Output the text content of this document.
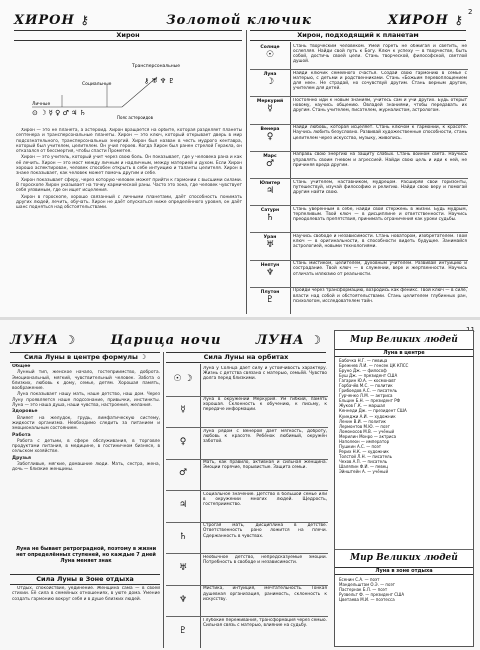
2
ХИРОН ⚷	Золотой ключик	ХИРОН ⚷
Хирон	Хирон, подходящий к планетам
Личные
Социальные
Трансперсональные
Пояс астероидов
⊙ ☽ ☿ ♀ ♂ ♃ ♄
⚷ ♅ ♆ ♇

Хирон — это не планета, а астероид. Хирон вращается на орбите, которая разделяет планеты септенера и трансперсональные планеты. Хирон — это ключ, который открывает дверь в мир подсознательного, трансперсональных энергий. Хирон был назван в честь мудрого кентавра, который был учителем, целителем. Он учил героев. Когда Хирон был ранен стрелой Геракла, он отказался от бессмертия, чтобы спасти Прометея.

Хирон — это учитель, который учит через свою боль. Он показывает, где у человека рана и как её лечить. Хирон — это мост между личным и надличным, между материей и духом. Если Хирон хорошо аспектирован, человек способен открыть в себе интуицию и таланты целителя. Хирон в знаке показывает, как человек может помочь другим и себе.

Хирон показывает сферу, через которую человек может прийти к гармонии с высшими силами. В гороскопе Хирон указывает на точку кармической раны. Часто это зона, где человек чувствует себя уязвимым, где он ищет исцеления.

Хирон в гороскопе, хорошо связанный с личными планетами, даёт способность понимать других людей, лечить, обучать. Хирон не даёт опускаться ниже определённого уровня, он даёт шанс подняться над обстоятельствами.

Солнце
☉
Стань творческим человеком. Умей гореть не обжигая и светить, не ослепляя. Найди свой путь к Богу. Ключ к успеху — в творчестве, быть собой, достичь своей цели. Стань творческой, философской, светлой душой.
Луна
☽
Найди ключик семейного счастья. Создай свою гармонию в семье с матерью, с детьми и родственниками. Стань «Божьим перевоплощением для нее». Не страдай, но сочувствуй другим. Стань верным другом, учителем для детей.
Меркурий
☿
Постоянно иди к новым знаниям, учитесь сам и учи других. Будь открыт новому, научись общению. Овладей знаниями, чтобы передавать их другим. Стань учителем, писателем, журналистом, астрологом.
Венера
♀
Найди любовь, которая исцеляет. Стань ключом к гармонии, к красоте. Научись любить безусловно. Развивай художественные способности, стань целителем через искусство, музыку, живопись.
Марс
♂
Направь свою энергию на защиту слабых. Стань воином света. Научись управлять своим гневом и агрессией. Найди свою цель и иди к ней, не причиняя вреда другим.
Юпитер
♃
Стань учителем, наставником, мудрецом. Расширяй свои горизонты, путешествуй, изучай философию и религию. Найди свою веру и помогай другим найти свою.
Сатурн
♄
Стань уверенным в себе, найди свой стержень в жизни. Будь мудрым, терпеливым. Твой ключ — в дисциплине и ответственности. Научись преодолевать препятствия, принимать ограничения как уроки судьбы.
Уран
♅
Научись свободе и независимости. Стань новатором, изобретателем. Твой ключ — в оригинальности, в способности видеть будущее. Занимайся астрологией, новыми технологиями.
Нептун
♆
Стань мистиком, целителем, духовным учителем. Развивай интуицию и сострадание. Твой ключ — в служении, вере и жертвенности. Научись отличать иллюзию от реальности.
Плутон
♇
Пройди через трансформацию, возродись как феникс. Твой ключ — в силе, власти над собой и обстоятельствами. Стань целителем глубинных ран, психологом, исследователем тайн.
ЛУНА ☽	Царица ночи	ЛУНА ☽
Сила Луны в центре формулы ☽	Сила Луны на орбитах

Общее

Лунный тип, женское начало, гостеприимство, доброта. Эмоциональный, мягкий, чувствительный человек. Забота о близких, любовь к дому, семье, детям. Хорошая память, воображение.

Луна показывает нашу мать, наше детство, наш дом. Через Луну проявляется наше подсознание, привычки, инстинкты. Луна — это наша душа, наши чувства, настроения, желания.

Здоровье

Влияет на желудок, грудь, лимфатическую систему, жидкости организма. Необходимо следить за питанием и эмоциональным состоянием.

Работа

Работа с детьми, в сфере обслуживания, в торговле продуктами питания, в медицине, в гостиничном бизнесе, в сельском хозяйстве.

Друзья

Заботливые, мягкие, домашние люди. Мать, сестра, жена, дочь — близкие женщины.

Луна не бывает ретроградной, поэтому в жизни нет определённых ступеней, но каждые 7 дней
Луна меняет знак
Сила Луны в Зоне отдыха

Отдых, спокойствие, уединение. Женщина сама — в своей стихии. Её сила в семейных отношениях, в уюте дома. Умение создать гармонию вокруг себя и в душе близких людей.

☉ ☽
Луна у Солнца даёт силу и устойчивость характеру. Жизнь с детства связана с матерью, семьёй. Чувство долга перед близкими.
☿
Луна в окружении Меркурия. Ум гибкий, память хорошая. Склонность к обучению, к письму, к передаче информации.
♀
Луна рядом с Венерой даёт мягкость, доброту, любовь к красоте. Ребёнок любимый, окружён заботой.
♂
Мать, как правило, активная и сильная женщина. Эмоции горячие, порывистые. Защита семьи.
♃
Социальное значение. Детство в большой семье или в окружении многих людей. Щедрость, гостеприимство.
♄
Строгая мать, дисциплина в детстве. Ответственность рано ложится на плечи. Сдержанность в чувствах.
♅
Необычное детство, непредсказуемые эмоции. Потребность в свободе и независимости.
♆
Мистика, интуиция, мечтательность. Тонкая душевная организация, ранимость, склонность к искусству.
♇
Глубокие переживания, трансформация через семью. Сильная связь с матерью, влияние на судьбу.
Мир Великих людей
Луна в центре
Бабочка Н.Г. — певица
Брежнев Л.И. — генсек ЦК КПСС
Бруно Дж. — философ
Буш Дж. — президент США
Гагарин Ю.А. — космонавт
Горбачёв М.С. — политик
Грибоедов А.С. — писатель
Гурченко Л.М. — актриса
Ельцин Б.Н. — президент РФ
Жуков Г.К. — маршал
Кеннеди Дж. — президент США
Куинджи А.И. — художник
Ленин В.И. — политик
Лермонтов М.Ю. — поэт
Ломоносов М.В. — учёный
Мерилин Монро — актриса
Наполеон — император
Пушкин А.С. — поэт
Рерих Н.К. — художник
Толстой Л.Н. — писатель
Чехов А.П. — писатель
Шаляпин Ф.И. — певец
Эйнштейн А. — учёный
Мир Великих людей
Луна в зоне отдыха
Есенин С.А. — поэт
Мандельштам О.Э. — поэт
Пастернак Б.Л. — поэт
Рузвельт Ф. — президент США
Цветаева М.И. — поэтесса
